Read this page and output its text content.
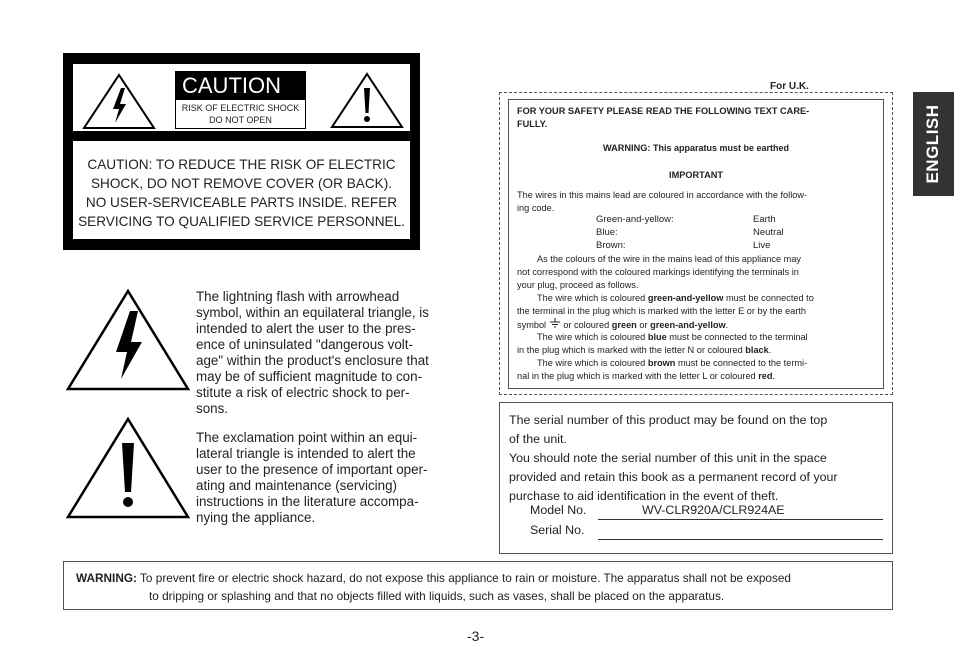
CAUTION
RISK OF ELECTRIC SHOCK
DO NOT OPEN
CAUTION: TO REDUCE THE RISK OF ELECTRIC
SHOCK, DO NOT REMOVE COVER (OR BACK).
NO USER-SERVICEABLE PARTS INSIDE. REFER
SERVICING TO QUALIFIED SERVICE PERSONNEL.
The lightning flash with arrowhead
symbol, within an equilateral triangle, is
intended to alert the user to the pres-
ence of uninsulated "dangerous volt-
age" within the product's enclosure that
may be of sufficient magnitude to con-
stitute a risk of electric shock to per-
sons.
The exclamation point within an equi-
lateral triangle is intended to alert the
user to the presence of important oper-
ating and maintenance (servicing)
instructions in the literature accompa-
nying the appliance.
For U.K.
FOR YOUR SAFETY PLEASE READ THE FOLLOWING TEXT CARE-
FULLY.
WARNING: This apparatus must be earthed
IMPORTANT
The wires in this mains lead are coloured in accordance with the follow-
ing code.
Green-and-yellow:	Earth
Blue:	Neutral
Brown:	Live
As the colours of the wire in the mains lead of this appliance may
not correspond with the coloured markings identifying the terminals in
your plug, proceed as follows.
The wire which is coloured green-and-yellow must be connected to
the terminal in the plug which is marked with the letter E or by the earth
symbol or coloured green or green-and-yellow.
The wire which is coloured blue must be connected to the terminal
in the plug which is marked with the letter N or coloured black.
The wire which is coloured brown must be connected to the termi-
nal in the plug which is marked with the letter L or coloured red.
The serial number of this product may be found on the top
of the unit.
You should note the serial number of this unit in the space
provided and retain this book as a permanent record of your
purchase to aid identification in the event of theft.
Model No.	WV-CLR920A/CLR924AE
Serial No.
WARNING: To prevent fire or electric shock hazard, do not expose this appliance to rain or moisture. The apparatus shall not be exposed
to dripping or splashing and that no objects filled with liquids, such as vases, shall be placed on the apparatus.
ENGLISH
-3-
